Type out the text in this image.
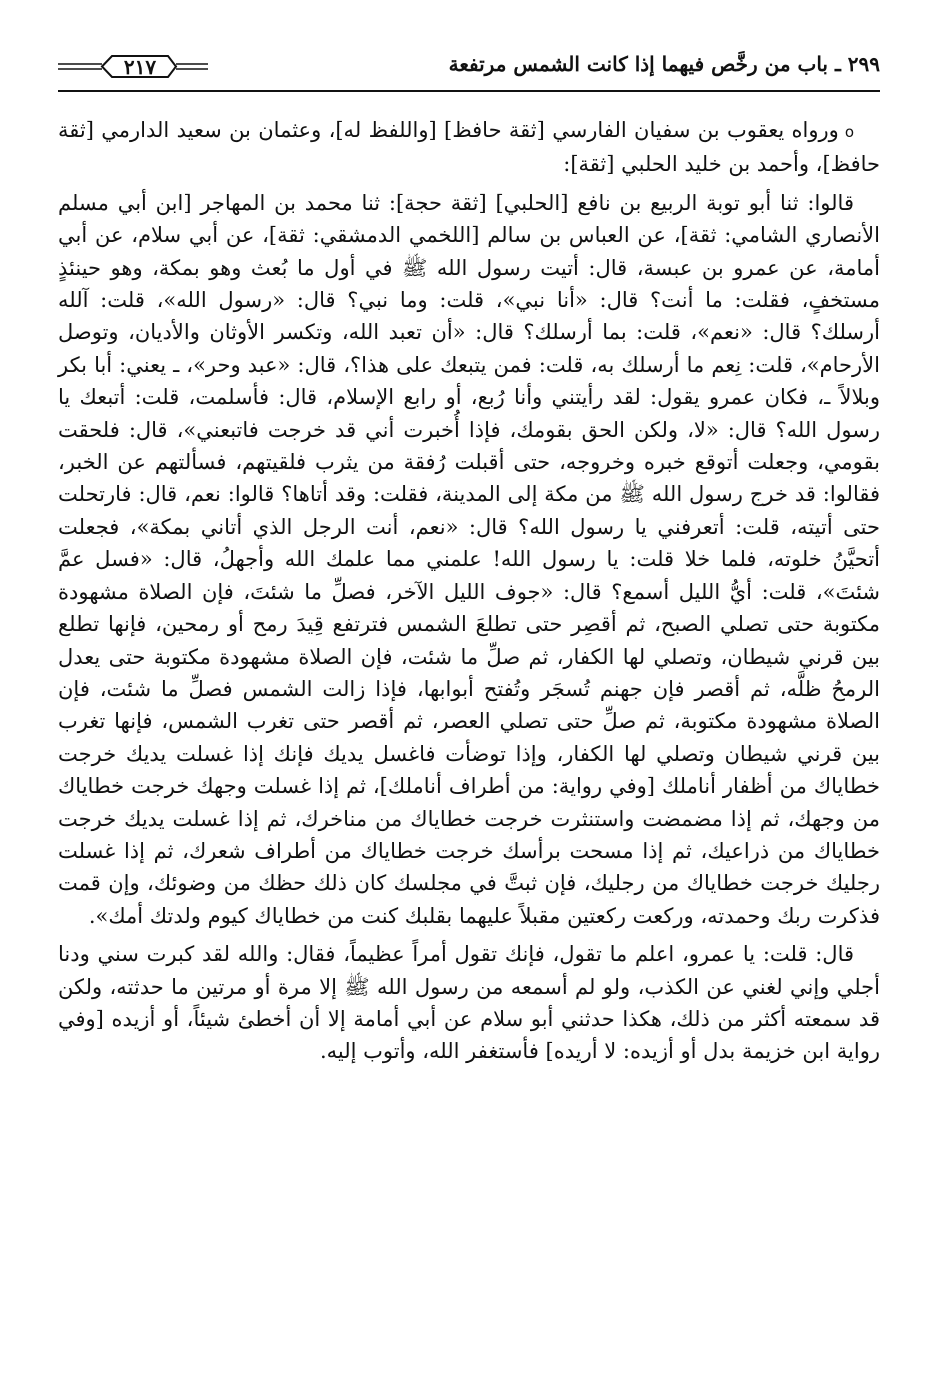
٢٩٩ ـ باب من رخَّص فيهما إذا كانت الشمس مرتفعة
٢١٧

oورواه يعقوب بن سفيان الفارسي [ثقة حافظ] [واللفظ له]، وعثمان بن سعيد الدارمي [ثقة حافظ]، وأحمد بن خليد الحلبي [ثقة]:

قالوا: ثنا أبو توبة الربيع بن نافع [الحلبي] [ثقة حجة]: ثنا محمد بن المهاجر [ابن أبي مسلم الأنصاري الشامي: ثقة]، عن العباس بن سالم [اللخمي الدمشقي: ثقة]، عن أبي سلام، عن أبي أمامة، عن عمرو بن عبسة، قال: أتيت رسول الله ﷺ في أول ما بُعث وهو بمكة، وهو حينئذٍ مستخفٍ، فقلت: ما أنت؟ قال: «أنا نبي»، قلت: وما نبي؟ قال: «رسول الله»، قلت: آلله أرسلك؟ قال: «نعم»، قلت: بما أرسلك؟ قال: «أن تعبد الله، وتكسر الأوثان والأديان، وتوصل الأرحام»، قلت: نِعم ما أرسلك به، قلت: فمن يتبعك على هذا؟، قال: «عبد وحر»، ـ يعني: أبا بكر وبلالاً ـ، فكان عمرو يقول: لقد رأيتني وأنا رُبع، أو رابع الإسلام، قال: فأسلمت، قلت: أتبعك يا رسول الله؟ قال: «لا، ولكن الحق بقومك، فإذا أُخبرت أني قد خرجت فاتبعني»، قال: فلحقت بقومي، وجعلت أتوقع خبره وخروجه، حتى أقبلت رُفقة من يثرب فلقيتهم، فسألتهم عن الخبر، فقالوا: قد خرج رسول الله ﷺ من مكة إلى المدينة، فقلت: وقد أتاها؟ قالوا: نعم، قال: فارتحلت حتى أتيته، قلت: أتعرفني يا رسول الله؟ قال: «نعم، أنت الرجل الذي أتاني بمكة»، فجعلت أتحيَّنُ خلوته، فلما خلا قلت: يا رسول الله! علمني مما علمك الله وأجهلُ، قال: «فسل عمَّ شئتَ»، قلت: أيُّ الليل أسمع؟ قال: «جوف الليل الآخر، فصلِّ ما شئتَ، فإن الصلاة مشهودة مكتوبة حتى تصلي الصبح، ثم أقصِر حتى تطلعَ الشمس فترتفع قِيدَ رمح أو رمحين، فإنها تطلع بين قرني شيطان، وتصلي لها الكفار، ثم صلِّ ما شئت، فإن الصلاة مشهودة مكتوبة حتى يعدل الرمحُ ظلَّه، ثم أقصر فإن جهنم تُسجَر وتُفتح أبوابها، فإذا زالت الشمس فصلِّ ما شئت، فإن الصلاة مشهودة مكتوبة، ثم صلِّ حتى تصلي العصر، ثم أقصر حتى تغرب الشمس، فإنها تغرب بين قرني شيطان وتصلي لها الكفار، وإذا توضأت فاغسل يديك فإنك إذا غسلت يديك خرجت خطاياك من أظفار أناملك [وفي رواية: من أطراف أناملك]، ثم إذا غسلت وجهك خرجت خطاياك من وجهك، ثم إذا مضمضت واستنثرت خرجت خطاياك من مناخرك، ثم إذا غسلت يديك خرجت خطاياك من ذراعيك، ثم إذا مسحت برأسك خرجت خطاياك من أطراف شعرك، ثم إذا غسلت رجليك خرجت خطاياك من رجليك، فإن ثبتَّ في مجلسك كان ذلك حظك من وضوئك، وإن قمت فذكرت ربك وحمدته، وركعت ركعتين مقبلاً عليهما بقلبك كنت من خطاياك كيوم ولدتك أمك».

قال: قلت: يا عمرو، اعلم ما تقول، فإنك تقول أمراً عظيماً، فقال: والله لقد كبرت سني ودنا أجلي وإني لغني عن الكذب، ولو لم أسمعه من رسول الله ﷺ إلا مرة أو مرتين ما حدثته، ولكن قد سمعته أكثر من ذلك، هكذا حدثني أبو سلام عن أبي أمامة إلا أن أخطئ شيئاً، أو أزيده [وفي رواية ابن خزيمة بدل أو أزيده: لا أريده] فأستغفر الله، وأتوب إليه.
